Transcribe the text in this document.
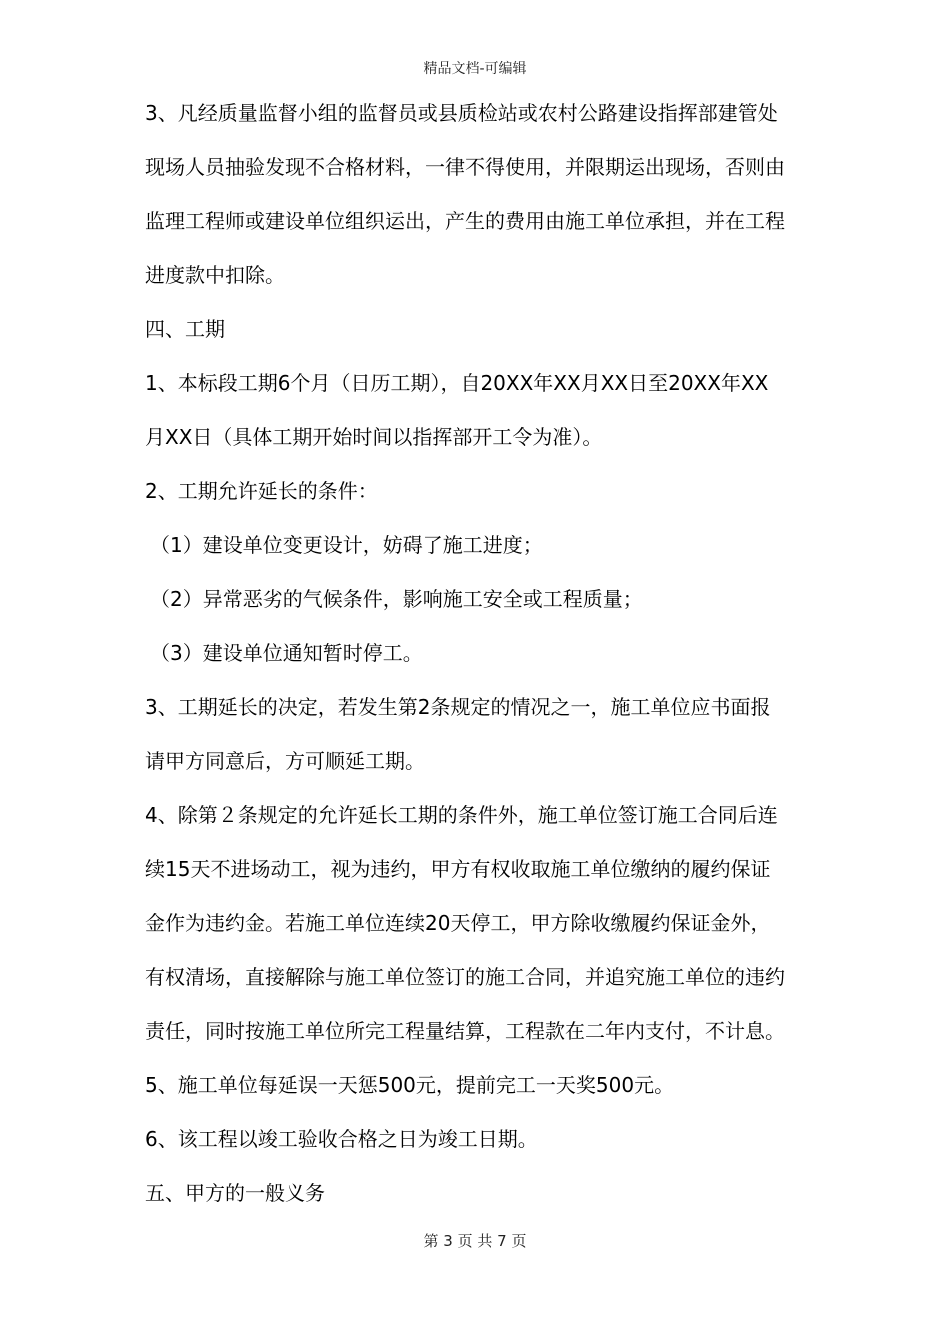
精品文档-可编辑
3、凡经质量监督小组的监督员或县质检站或农村公路建设指挥部建管处
现场人员抽验发现不合格材料，一律不得使用，并限期运出现场，否则由
监理工程师或建设单位组织运出，产生的费用由施工单位承担，并在工程
进度款中扣除。
四、工期
1、本标段工期6个月（日历工期），自20XX年XX月XX日至20XX年XX
月XX日（具体工期开始时间以指挥部开工令为准）。
2、工期允许延长的条件：
（1）建设单位变更设计，妨碍了施工进度；
（2）异常恶劣的气候条件，影响施工安全或工程质量；
（3）建设单位通知暂时停工。
3、工期延长的决定，若发生第2条规定的情况之一，施工单位应书面报
请甲方同意后，方可顺延工期。
4、除第２条规定的允许延长工期的条件外，施工单位签订施工合同后连
续15天不进场动工，视为违约，甲方有权收取施工单位缴纳的履约保证
金作为违约金。若施工单位连续20天停工，甲方除收缴履约保证金外，
有权清场，直接解除与施工单位签订的施工合同，并追究施工单位的违约
责任，同时按施工单位所完工程量结算，工程款在二年内支付，不计息。
5、施工单位每延误一天惩500元，提前完工一天奖500元。
6、该工程以竣工验收合格之日为竣工日期。
五、甲方的一般义务
第 3 页 共 7 页
